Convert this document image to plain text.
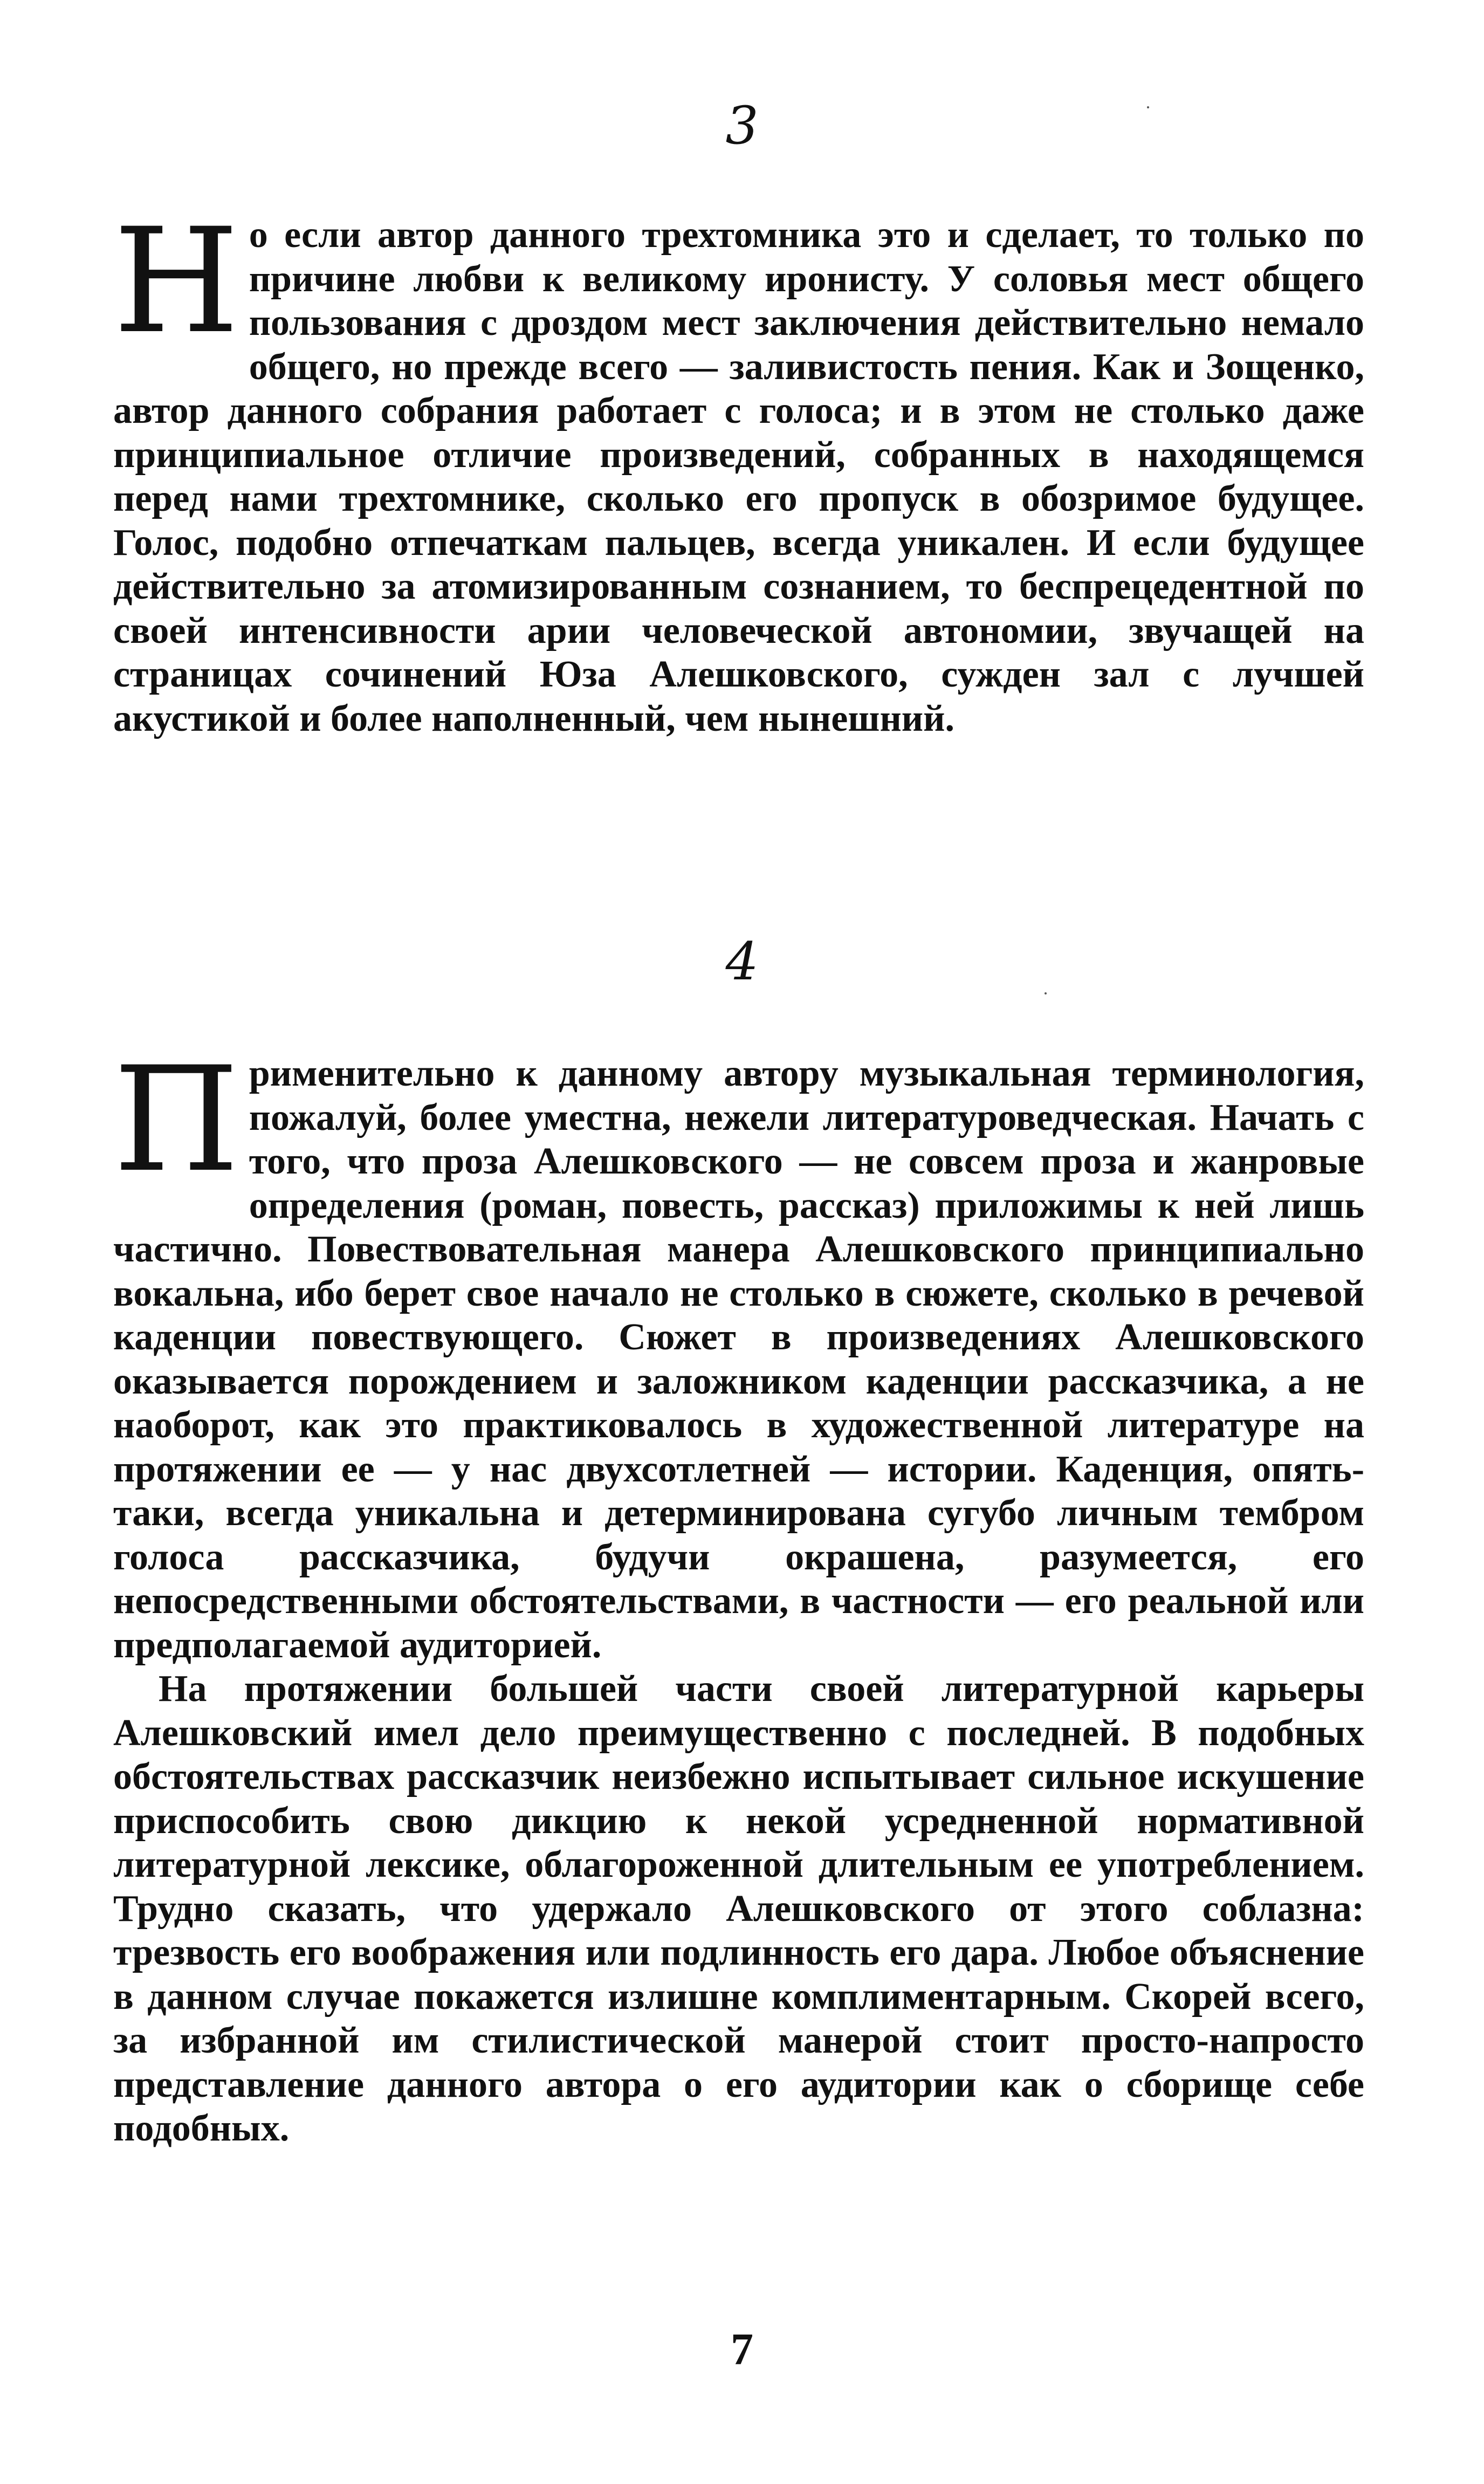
3

Но если автор данного трехтомника это и сделает, то только по причине любви к великому иронисту. У соловья мест общего пользования с дроздом мест заключения действительно немало общего, но прежде всего — заливистость пения. Как и Зощенко, автор данного собрания работает с голоса; и в этом не столько даже принципиальное отличие произведений, собранных в находящемся перед нами трехтомнике, сколько его пропуск в обозримое будущее. Голос, подобно отпечаткам пальцев, всегда уникален. И если будущее действительно за атомизированным сознанием, то беспрецедентной по своей интенсивности арии человеческой автономии, звучащей на страницах сочинений Юза Алешковского, сужден зал с лучшей акустикой и более наполненный, чем нынешний.

4

Применительно к данному автору музыкальная терминология, пожалуй, более уместна, нежели литературоведческая. Начать с того, что проза Алешковского — не совсем проза и жанровые определения (роман, повесть, рассказ) приложимы к ней лишь частично. Повествовательная манера Алешковского принципиально вокальна, ибо берет свое начало не столько в сюжете, сколько в речевой каденции повествующего. Сюжет в произведениях Алешковского оказывается порождением и заложником каденции рассказчика, а не наоборот, как это практиковалось в художественной литературе на протяжении ее — у нас двухсотлетней — истории. Каденция, опять-таки, всегда уникальна и детерминирована сугубо личным тембром голоса рассказчика, будучи окрашена, разумеется, его непосредственными обстоятельствами, в частности — его реальной или предполагаемой аудиторией.

На протяжении большей части своей литературной карьеры Алешковский имел дело преимущественно с последней. В подобных обстоятельствах рассказчик неизбежно испытывает сильное искушение приспособить свою дикцию к некой усредненной нормативной литературной лексике, облагороженной длительным ее употреблением. Трудно сказать, что удержало Алешковского от этого соблазна: трезвость его воображения или подлинность его дара. Любое объяснение в данном случае покажется излишне комплиментарным. Скорей всего, за избранной им стилистической манерой стоит просто-напросто представление данного автора о его аудитории как о сборище себе подобных.

7
